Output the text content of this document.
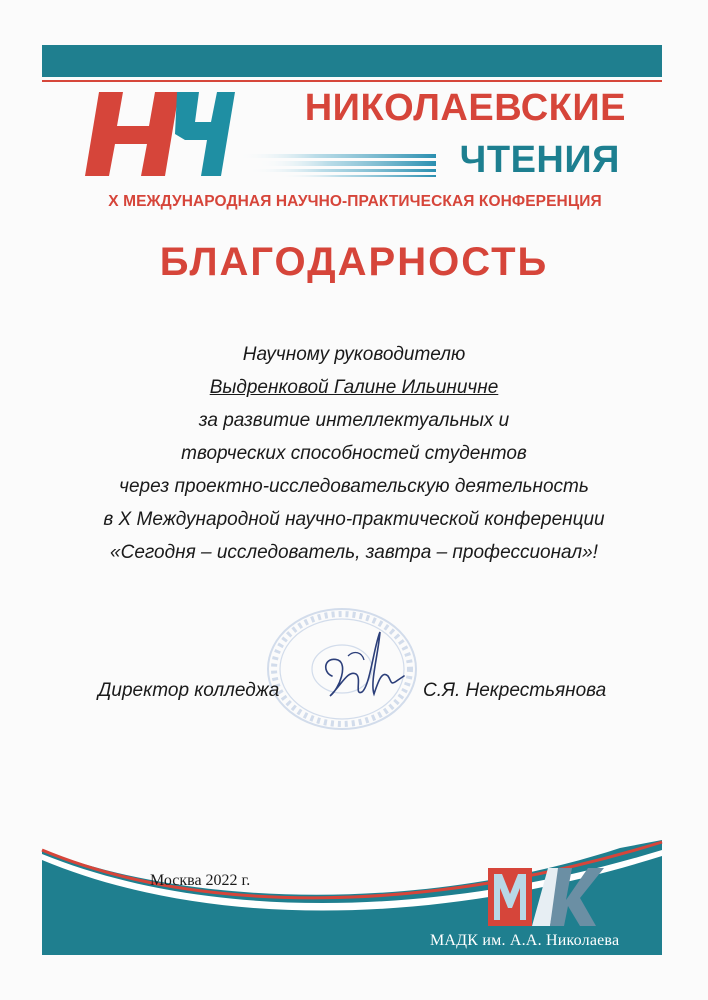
НИКОЛАЕВСКИЕ
ЧТЕНИЯ
X МЕЖДУНАРОДНАЯ НАУЧНО-ПРАКТИЧЕСКАЯ КОНФЕРЕНЦИЯ
БЛАГОДАРНОСТЬ
Научному руководителю
Выдренковой Галине Ильиничне
за развитие интеллектуальных и
творческих способностей студентов
через проектно-исследовательскую деятельность
в X Международной научно-практической конференции
«Сегодня – исследователь, завтра – профессионал»!
Директор колледжа	С.Я. Некрестьянова
Москва 2022 г.
МАДК им. А.А. Николаева
